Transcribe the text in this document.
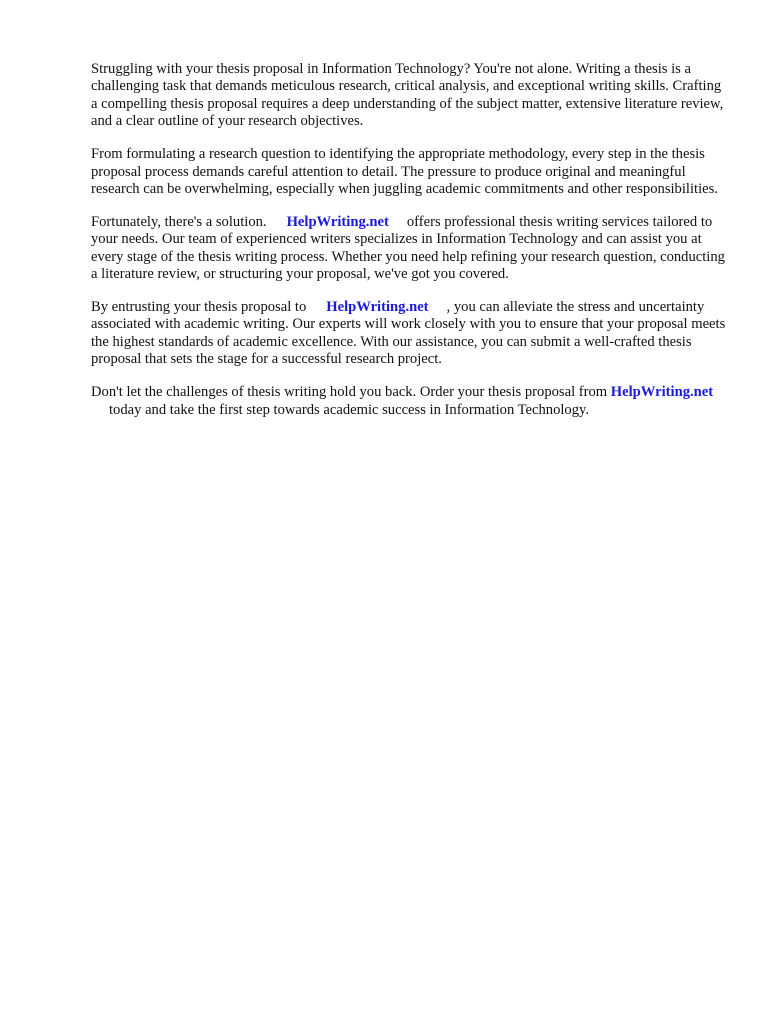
Struggling with your thesis proposal in Information Technology? You're not alone. Writing a thesis is a challenging task that demands meticulous research, critical analysis, and exceptional writing skills. Crafting a compelling thesis proposal requires a deep understanding of the subject matter, extensive literature review, and a clear outline of your research objectives.

From formulating a research question to identifying the appropriate methodology, every step in the thesis proposal process demands careful attention to detail. The pressure to produce original and meaningful research can be overwhelming, especially when juggling academic commitments and other responsibilities.

Fortunately, there's a solution. HelpWriting.net offers professional thesis writing services tailored to your needs. Our team of experienced writers specializes in Information Technology and can assist you at every stage of the thesis writing process. Whether you need help refining your research question, conducting a literature review, or structuring your proposal, we've got you covered.

By entrusting your thesis proposal to HelpWriting.net , you can alleviate the stress and uncertainty associated with academic writing. Our experts will work closely with you to ensure that your proposal meets the highest standards of academic excellence. With our assistance, you can submit a well-crafted thesis proposal that sets the stage for a successful research project.

Don't let the challenges of thesis writing hold you back. Order your thesis proposal from HelpWriting.nettoday and take the first step towards academic success in Information Technology.
